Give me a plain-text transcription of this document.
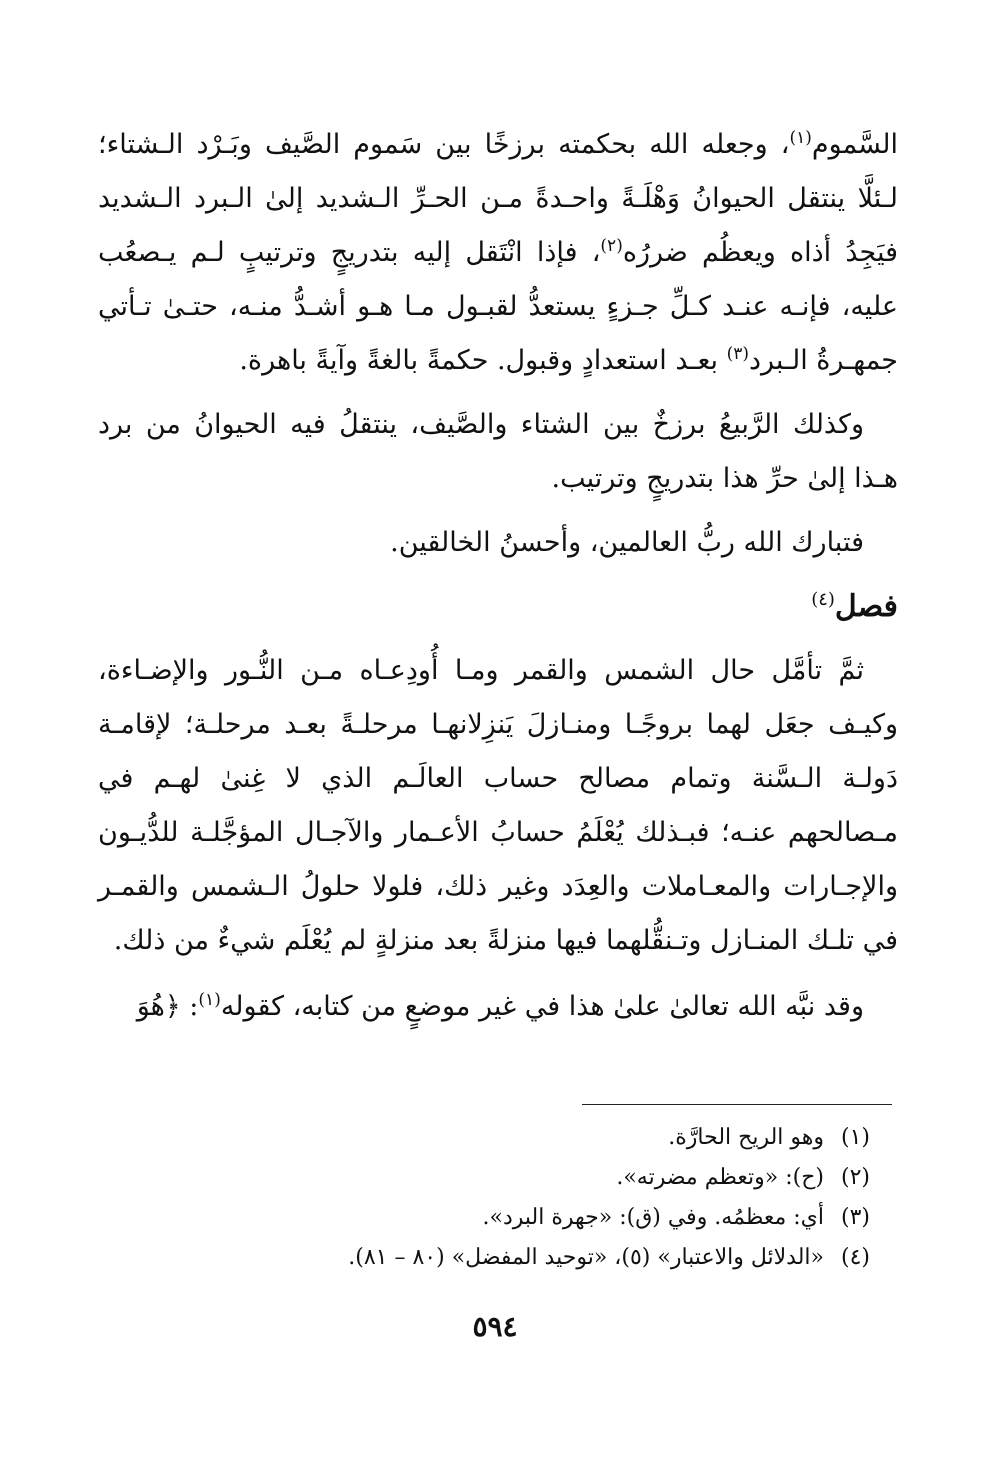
السَّموم$^{(١)}$، وجعله الله بحكمته برزخًا بين سَموم الصَّيف وبَـرْد الـشتاء؛ لـئلَّا ينتقل الحيوانُ وَهْلَـةً واحـدةً مـن الحـرِّ الـشديد إلىٰ الـبرد الـشديد فيَجِدُ أذاه ويعظُم ضررُه$^{(٢)}$، فإذا انْتَقل إليه بتدريجٍ وترتيبٍ لـم يـصعُب عليه، فإنـه عنـد كـلِّ جـزءٍ يستعدُّ لقبـول مـا هـو أشـدُّ منـه، حتـىٰ تـأتي جمهـرةُ الـبرد$^{(٣)}$ بعـد استعدادٍ وقبول. حكمةً بالغةً وآيةً باهرة.

وكذلك الرَّبيعُ برزخٌ بين الشتاء والصَّيف، ينتقلُ فيه الحيوانُ من برد هـذا إلىٰ حرِّ هذا بتدريجٍ وترتيب.

فتبارك الله ربُّ العالمين، وأحسنُ الخالقين.

فصل$^{(٤)}$

ثمَّ تأمَّل حال الشمس والقمر ومـا أُودِعـاه مـن النُّـور والإضـاءة، وكيـف جعَل لهما بروجًـا ومنـازلَ يَنزِلانهـا مرحلـةً بعـد مرحلـة؛ لإقامـة دَولـة الـسَّنة وتمام مصالح حساب العالَـم الذي لا غِنىٰ لهـم في مـصالحهم عنـه؛ فبـذلك يُعْلَمُ حسابُ الأعـمار والآجـال المؤجَّلـة للدُّيـون والإجـارات والمعـاملات والعِدَد وغير ذلك، فلولا حلولُ الـشمس والقمـر في تلـك المنـازل وتـنقُّلهما فيها منزلةً بعد منزلةٍ لم يُعْلَم شيءٌ من ذلك.

وقد نبَّه الله تعالىٰ علىٰ هذا في غير موضعٍ من كتابه، كقوله$^{(١)}$: ﴿هُوَ

(١)وهو الريح الحارَّة.

(٢)(ح): «وتعظم مضرته».

(٣)أي: معظمُه. وفي (ق): «جهرة البرد».

(٤)«الدلائل والاعتبار» (٥)، «توحيد المفضل» (٨٠ – ٨١).

٥٩٤
